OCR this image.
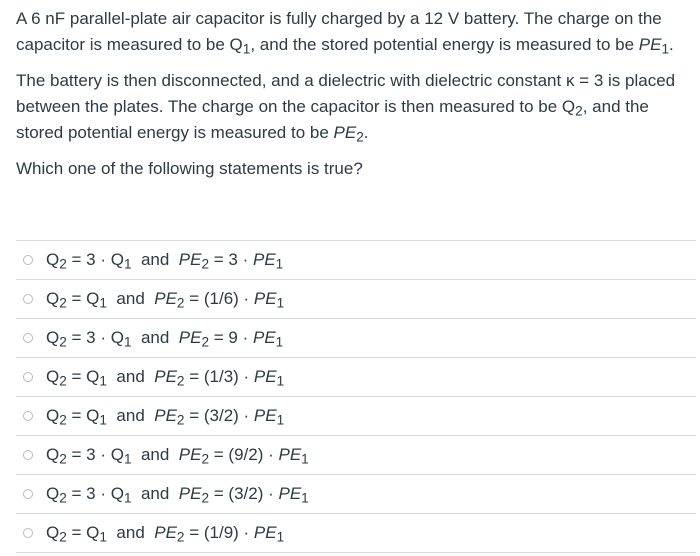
A 6 nF parallel-plate air capacitor is fully charged by a 12 V battery. The charge on the capacitor is measured to be $Q_1$, and the stored potential energy is measured to be $PE_1$.

The battery is then disconnected, and a dielectric with dielectric constant κ = 3 is placed between the plates. The charge on the capacitor is then measured to be $Q_2$, and the stored potential energy is measured to be $PE_2$.

Which one of the following statements is true?

$Q_2 = 3 \cdot Q_1$  and  $PE_2 = 3 \cdot PE_1$
$Q_2 = Q_1$  and  $PE_2 = (1/6) \cdot PE_1$
$Q_2 = 3 \cdot Q_1$  and  $PE_2 = 9 \cdot PE_1$
$Q_2 = Q_1$  and  $PE_2 = (1/3) \cdot PE_1$
$Q_2 = Q_1$  and  $PE_2 = (3/2) \cdot PE_1$
$Q_2 = 3 \cdot Q_1$  and  $PE_2 = (9/2) \cdot PE_1$
$Q_2 = 3 \cdot Q_1$  and  $PE_2 = (3/2) \cdot PE_1$
$Q_2 = Q_1$  and  $PE_2 = (1/9) \cdot PE_1$
